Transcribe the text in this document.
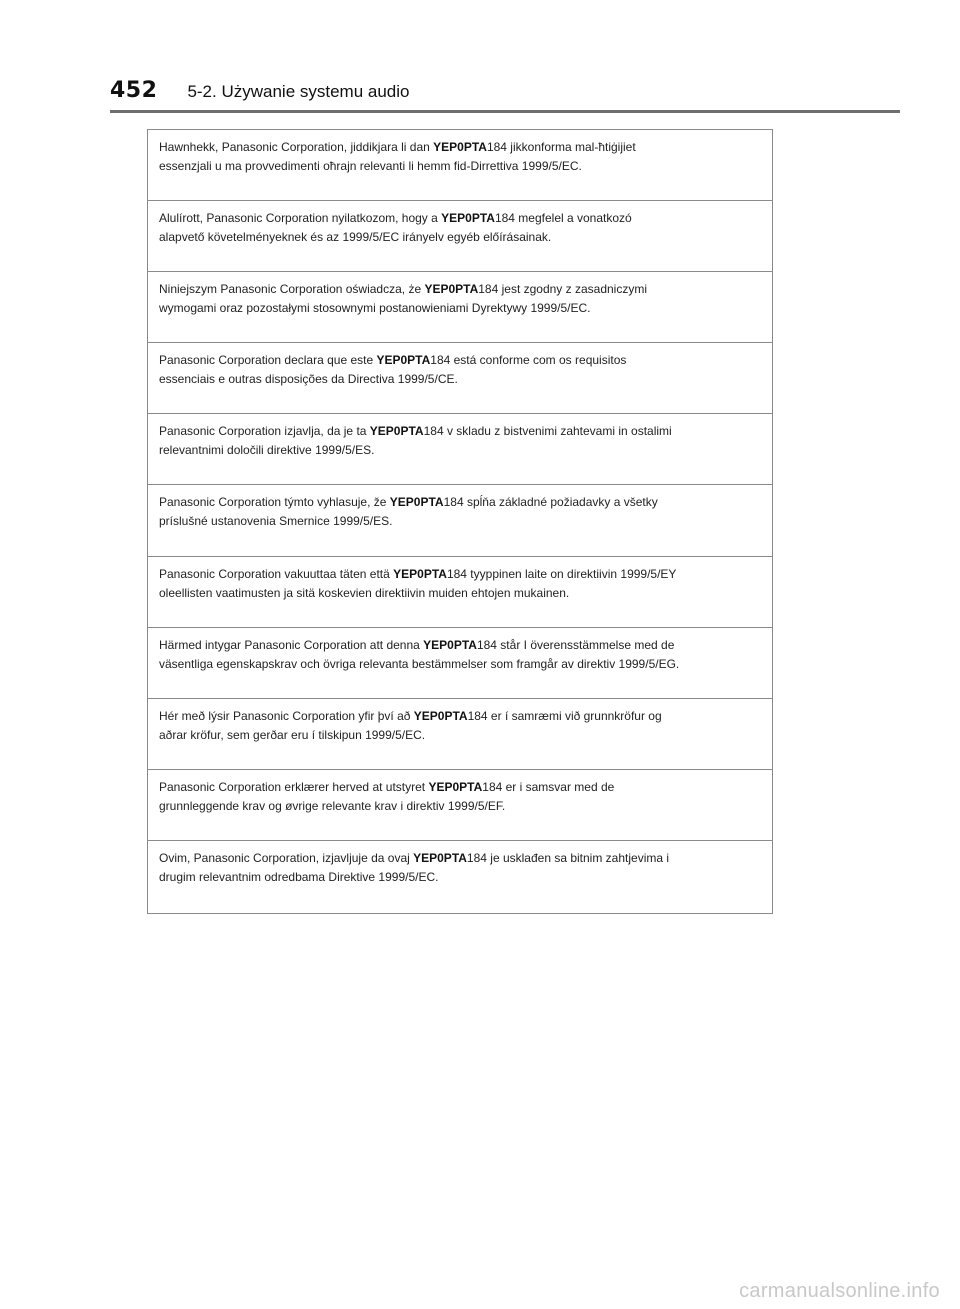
452 5-2. Używanie systemu audio
Hawnhekk, Panasonic Corporation, jiddikjara li dan YEP0PTA184 jikkonforma mal-ħtiġijiet
essenzjali u ma provvedimenti oħrajn relevanti li hemm fid-Dirrettiva 1999/5/EC.
Alulírott, Panasonic Corporation nyilatkozom, hogy a YEP0PTA184 megfelel a vonatkozó
alapvető követelményeknek és az 1999/5/EC irányelv egyéb előírásainak.
Niniejszym Panasonic Corporation oświadcza, że YEP0PTA184 jest zgodny z zasadniczymi
wymogami oraz pozostałymi stosownymi postanowieniami Dyrektywy 1999/5/EC.
Panasonic Corporation declara que este YEP0PTA184 está conforme com os requisitos
essenciais e outras disposições da Directiva 1999/5/CE.
Panasonic Corporation izjavlja, da je ta YEP0PTA184 v skladu z bistvenimi zahtevami in ostalimi
relevantnimi določili direktive 1999/5/ES.
Panasonic Corporation týmto vyhlasuje, že YEP0PTA184 spĺňa základné požiadavky a všetky
príslušné ustanovenia Smernice 1999/5/ES.
Panasonic Corporation vakuuttaa täten että YEP0PTA184 tyyppinen laite on direktiivin 1999/5/EY
oleellisten vaatimusten ja sitä koskevien direktiivin muiden ehtojen mukainen.
Härmed intygar Panasonic Corporation att denna YEP0PTA184 står I överensstämmelse med de
väsentliga egenskapskrav och övriga relevanta bestämmelser som framgår av direktiv 1999/5/EG.
Hér með lýsir Panasonic Corporation yfir því að YEP0PTA184 er í samræmi við grunnkröfur og
aðrar kröfur, sem gerðar eru í tilskipun 1999/5/EC.
Panasonic Corporation erklærer herved at utstyret YEP0PTA184 er i samsvar med de
grunnleggende krav og øvrige relevante krav i direktiv 1999/5/EF.
Ovim, Panasonic Corporation, izjavljuje da ovaj YEP0PTA184 je usklađen sa bitnim zahtjevima i
drugim relevantnim odredbama Direktive 1999/5/EC.
carmanualsonline.info
